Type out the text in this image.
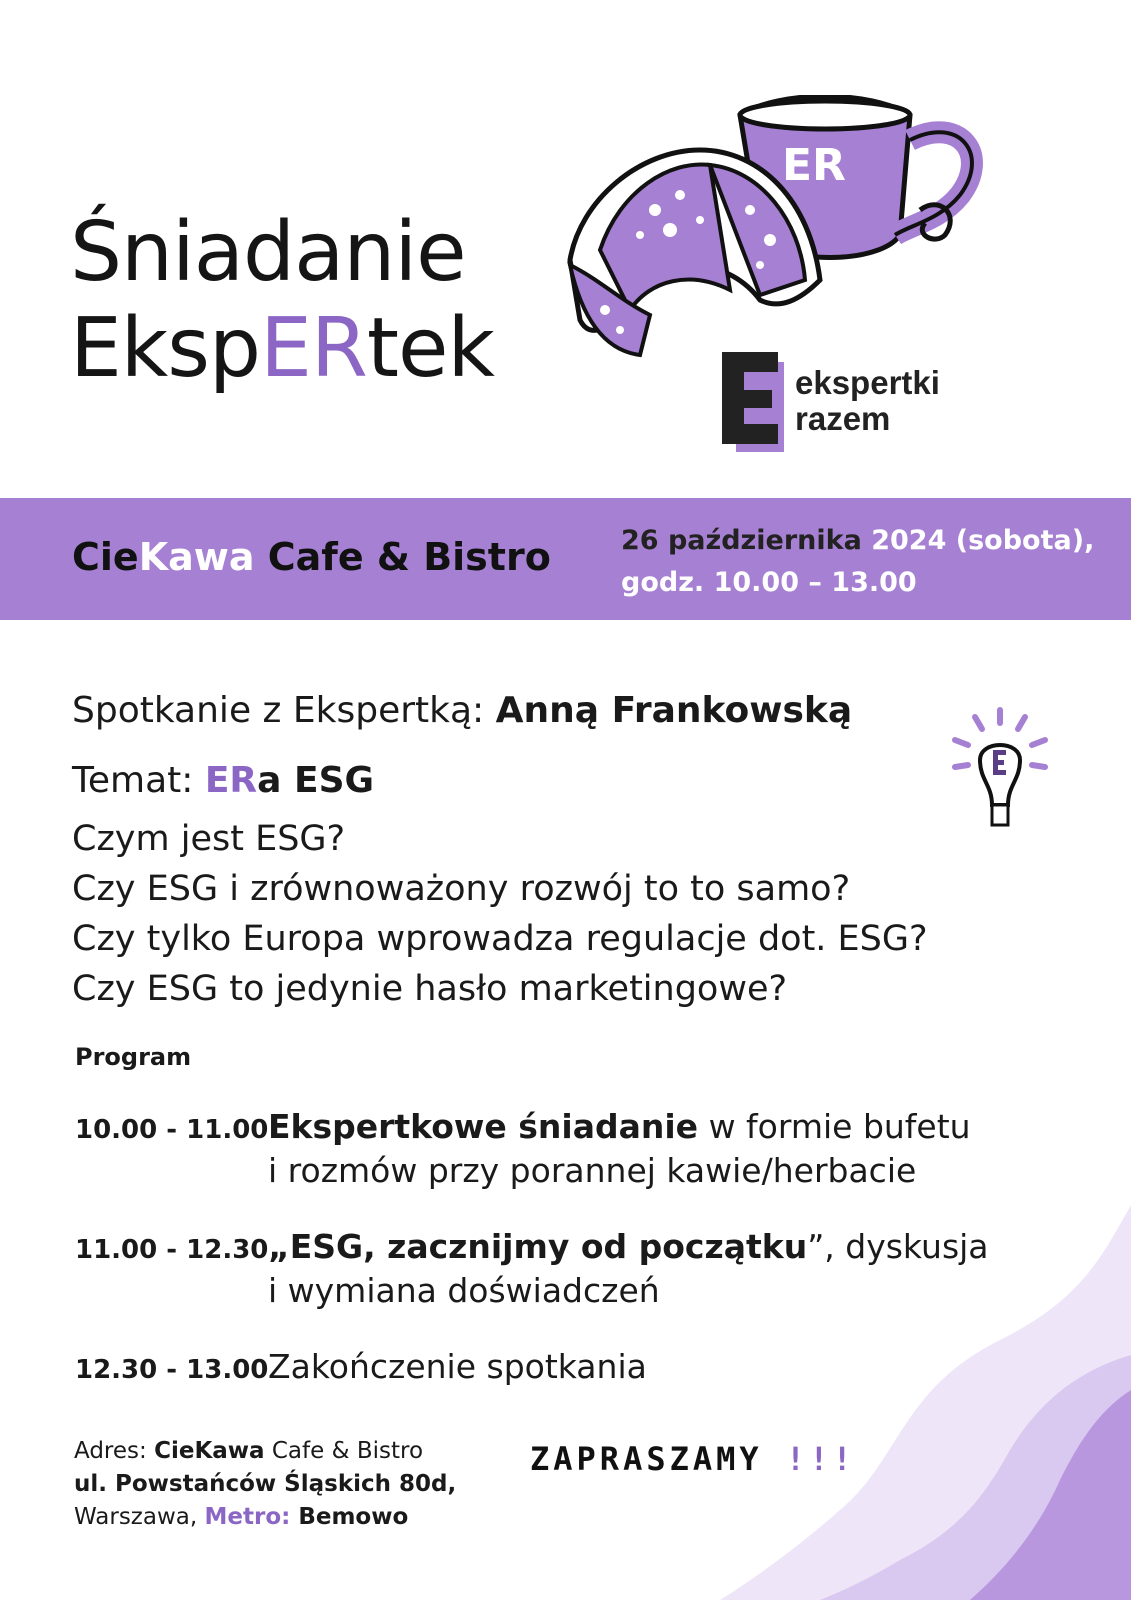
ER
ekspertki
razem
Śniadanie
EkspERtek
CieKawa Cafe & Bistro	26 października 2024 (sobota),
godz. 10.00 – 13.00
Spotkanie z Ekspertką: Anną Frankowską
Temat: ERa ESG
Czym jest ESG?
Czy ESG i zrównoważony rozwój to to samo?
Czy tylko Europa wprowadza regulacje dot. ESG?
Czy ESG to jedynie hasło marketingowe?
Program
10.00 - 11.00 Ekspertkowe śniadanie w formie bufetu
i rozmów przy porannej kawie/herbacie
11.00 - 12.30 „ESG, zacznijmy od początku”, dyskusja
i wymiana doświadczeń
12.30 - 13.00 Zakończenie spotkania
Adres: CieKawa Cafe & Bistro
ul. Powstańców Śląskich 80d,
Warszawa, Metro: Bemowo
ZAPRASZAMY !!!
